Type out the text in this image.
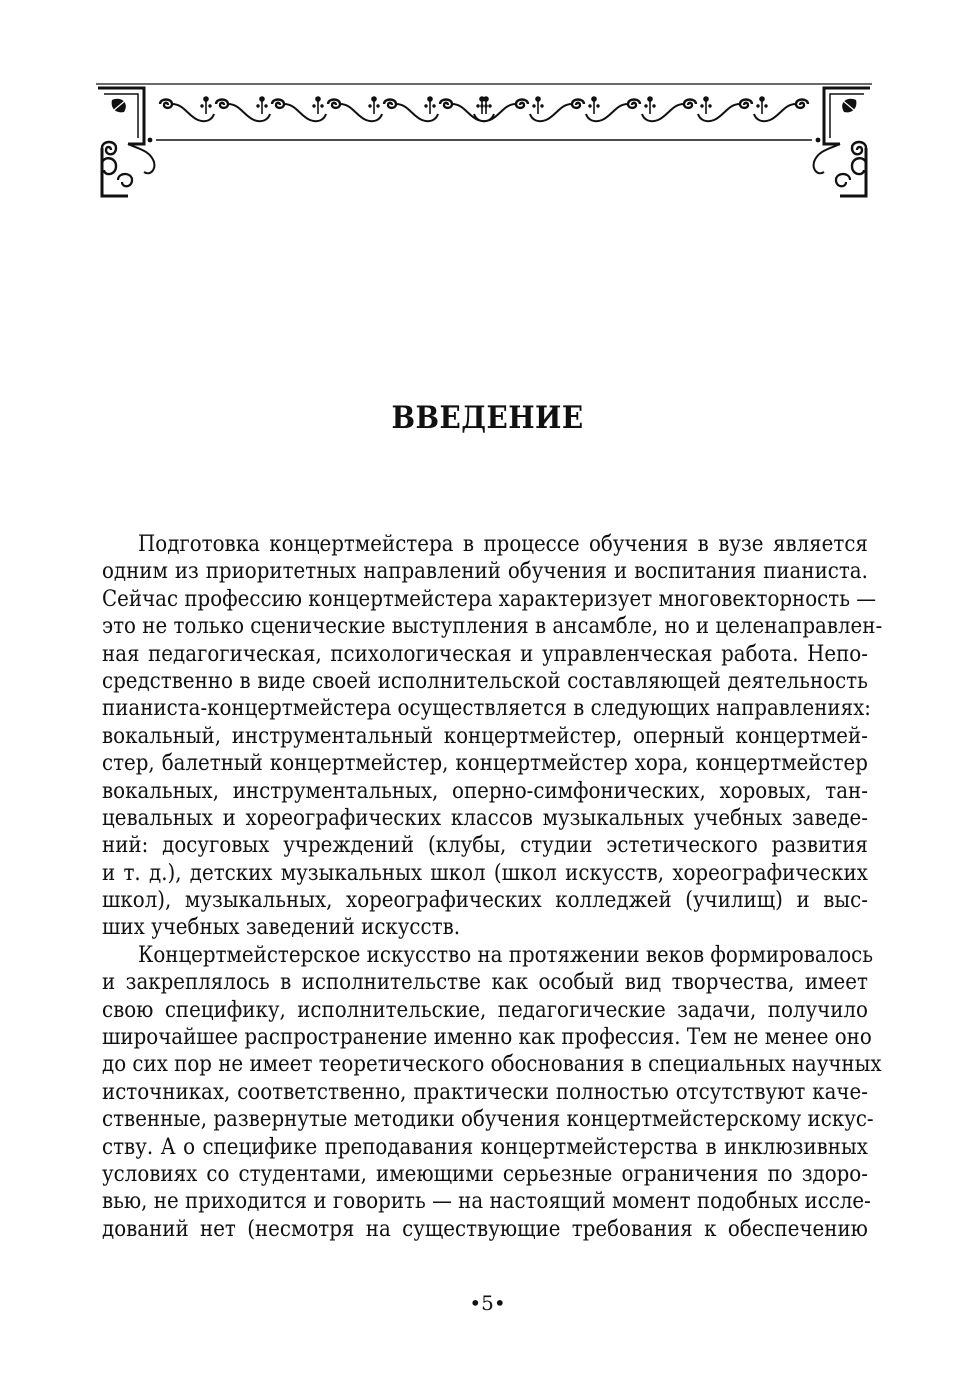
ВВЕДЕНИЕ
Подготовка концертмейстера в процессе обучения в вузе является
одним из приоритетных направлений обучения и воспитания пианиста.
Сейчас профессию концертмейстера характеризует многовекторность —
это не только сценические выступления в ансамбле, но и целенаправлен-
ная педагогическая, психологическая и управленческая работа. Непо-
средственно в виде своей исполнительской составляющей деятельность
пианиста-концертмейстера осуществляется в следующих направлениях:
вокальный, инструментальный концертмейстер, оперный концертмей-
стер, балетный концертмейстер, концертмейстер хора, концертмейстер
вокальных, инструментальных, оперно-симфонических, хоровых, тан-
цевальных и хореографических классов музыкальных учебных заведе-
ний: досуговых учреждений (клубы, студии эстетического развития
и т. д.), детских музыкальных школ (школ искусств, хореографических
школ), музыкальных, хореографических колледжей (училищ) и выс-
ших учебных заведений искусств.
Концертмейстерское искусство на протяжении веков формировалось
и закреплялось в исполнительстве как особый вид творчества, имеет
свою специфику, исполнительские, педагогические задачи, получило
широчайшее распространение именно как профессия. Тем не менее оно
до сих пор не имеет теоретического обоснования в специальных научных
источниках, соответственно, практически полностью отсутствуют каче-
ственные, развернутые методики обучения концертмейстерскому искус-
ству. А о специфике преподавания концертмейстерства в инклюзивных
условиях со студентами, имеющими серьезные ограничения по здоро-
вью, не приходится и говорить — на настоящий момент подобных иссле-
дований нет (несмотря на существующие требования к обеспечению
•5•
